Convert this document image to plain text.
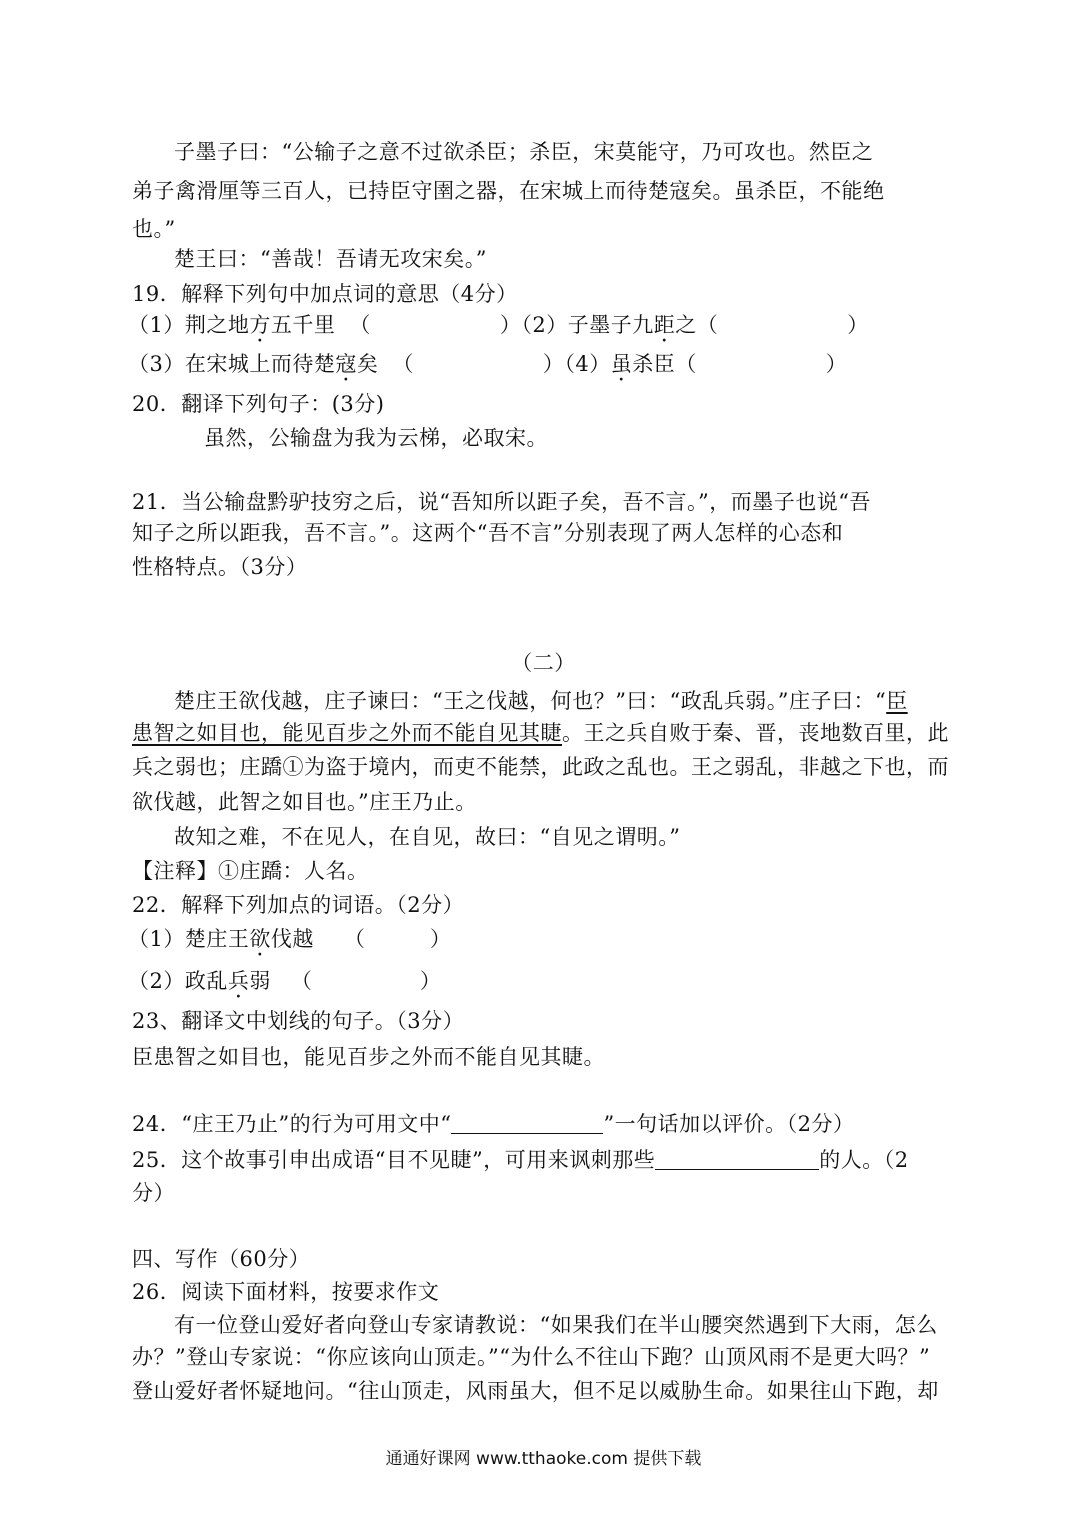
子墨子曰：“公输子之意不过欲杀臣；杀臣，宋莫能守，乃可攻也。然臣之
弟子禽滑厘等三百人，已持臣守圉之器，在宋城上而待楚寇矣。虽杀臣，不能绝
也。”
楚王曰：“善哉！吾请无攻宋矣。”
19．解释下列句中加点词的意思（4分）
（1）荆之地方五千里 （　　　　　　）（2）子墨子九距之（　　　　　　）
（3）在宋城上而待楚寇矣 （　　　　　　）（4）虽杀臣（　　　　　　）
20．翻译下列句子：(3分)
虽然，公输盘为我为云梯，必取宋。
21．当公输盘黔驴技穷之后，说“吾知所以距子矣，吾不言。”，而墨子也说“吾
知子之所以距我，吾不言。”。这两个“吾不言”分别表现了两人怎样的心态和
性格特点。（3分）
（二）
楚庄王欲伐越，庄子谏曰：“王之伐越，何也？”曰：“政乱兵弱。”庄子曰：“臣
患智之如目也，能见百步之外而不能自见其睫。王之兵自败于秦、晋，丧地数百里，此
兵之弱也；庄蹻①为盗于境内，而吏不能禁，此政之乱也。王之弱乱，非越之下也，而
欲伐越，此智之如目也。”庄王乃止。
故知之难，不在见人，在自见，故曰：“自见之谓明。”
【注释】①庄蹻：人名。
22．解释下列加点的词语。（2分）
（1）楚庄王欲伐越 （　　　）
（2）政乱兵弱 （　　　　　）
23、翻译文中划线的句子。（3分）
臣患智之如目也，能见百步之外而不能自见其睫。
24．“庄王乃止”的行为可用文中“	”一句话加以评价。（2分）
25．这个故事引申出成语“目不见睫”，可用来讽刺那些	的人。（2
分）
四、写作（60分）
26．阅读下面材料，按要求作文
有一位登山爱好者向登山专家请教说：“如果我们在半山腰突然遇到下大雨，怎么
办？”登山专家说：“你应该向山顶走。”“为什么不往山下跑？山顶风雨不是更大吗？”
登山爱好者怀疑地问。“往山顶走，风雨虽大，但不足以威胁生命。如果往山下跑，却
通通好课网 www.tthaoke.com 提供下载
